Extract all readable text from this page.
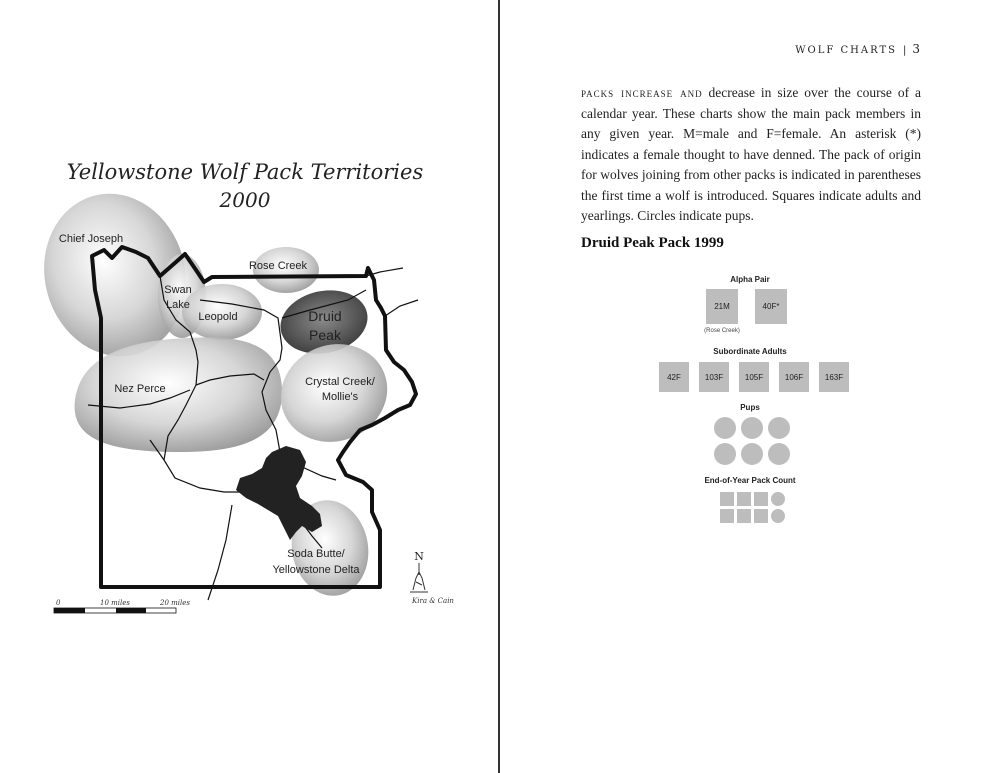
Yellowstone Wolf Pack Territories
2000
Chief Joseph
Swan
Lake
Leopold
Rose Creek
Druid
Peak
Nez Perce
Crystal Creek/
Mollie's
Soda Butte/
Yellowstone Delta
N
Kira & Cain
0	10 miles	20 miles
WOLF CHARTS | 3

packs increase and decrease in size over the course of a calendar year. These charts show the main pack members in any given year. M=male and F=female. An asterisk (*) indicates a female thought to have denned. The pack of origin for wolves joining from other packs is indicated in parentheses the first time a wolf is introduced. Squares indicate adults and yearlings. Circles indicate pups.

Druid Peak Pack 1999
Alpha Pair
21M	40F*
(Rose Creek)
Subordinate Adults
Pups
End-of-Year Pack Count
42F	103F	105F	106F	163F
